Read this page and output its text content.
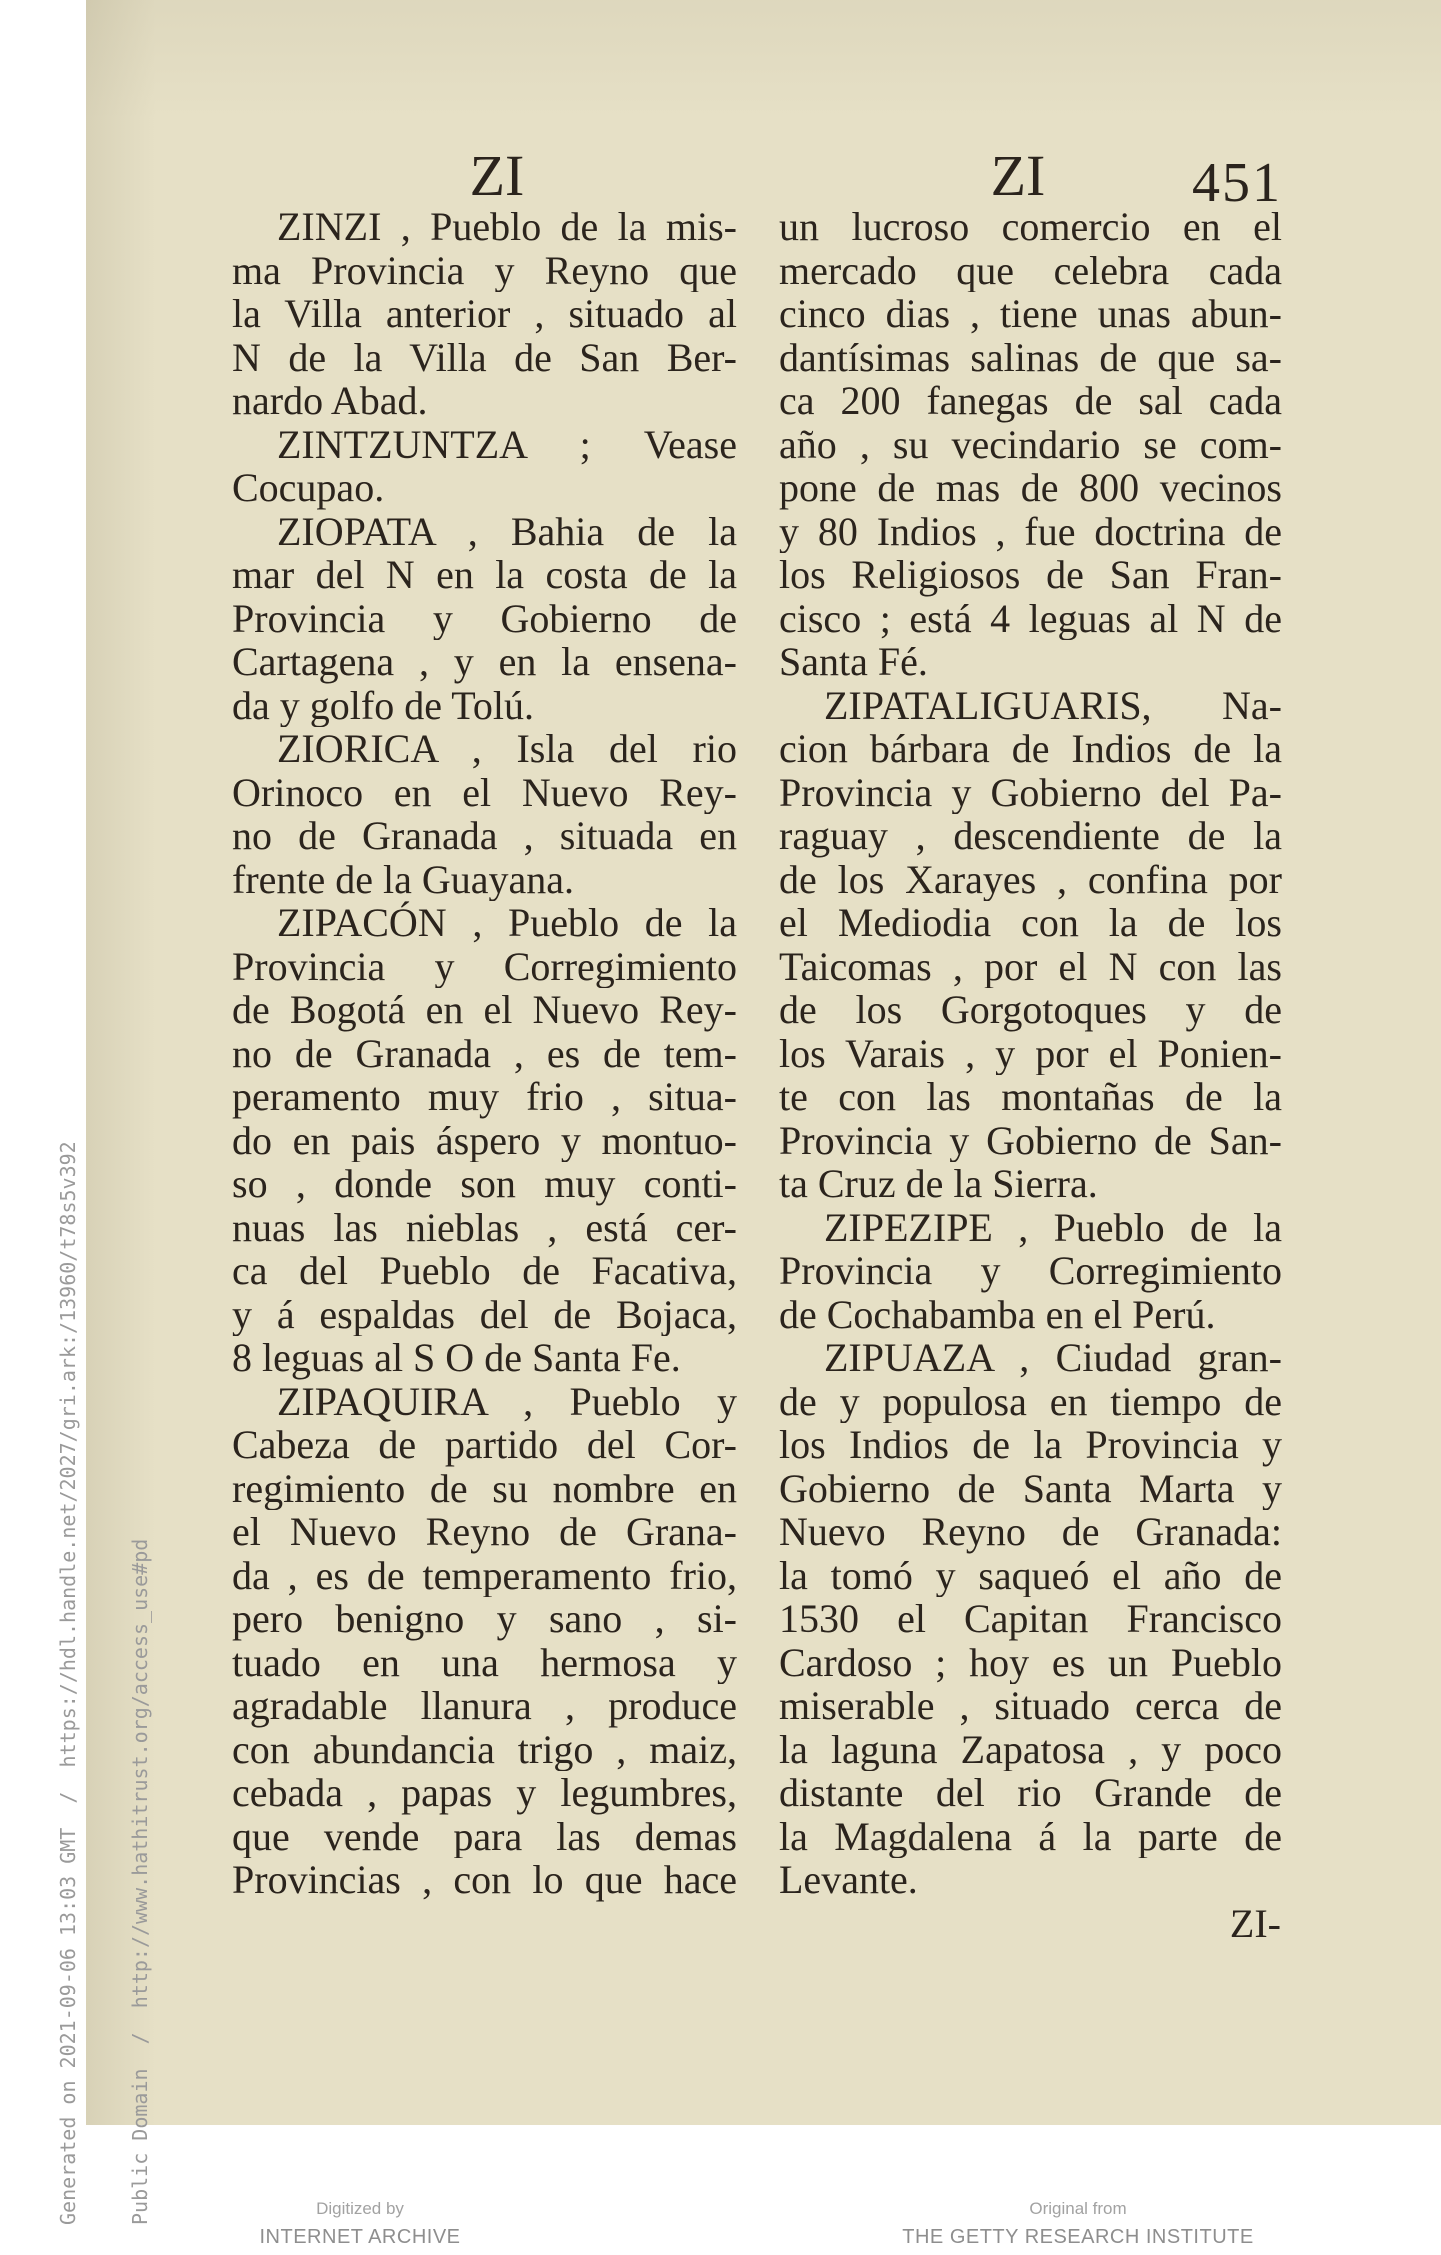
ZI	ZI	451
ZINZI , Pueblo de la mis-
ma Provincia y Reyno que
la Villa anterior , situado al
N de la Villa de San Ber-
nardo Abad.
ZINTZUNTZA ; Vease
Cocupao.
ZIOPATA , Bahia de la
mar del N en la costa de la
Provincia y Gobierno de
Cartagena , y en la ensena-
da y golfo de Tolú.
ZIORICA , Isla del rio
Orinoco en el Nuevo Rey-
no de Granada , situada en
frente de la Guayana.
ZIPACÓN , Pueblo de la
Provincia y Corregimiento
de Bogotá en el Nuevo Rey-
no de Granada , es de tem-
peramento muy frio , situa-
do en pais áspero y montuo-
so , donde son muy conti-
nuas las nieblas , está cer-
ca del Pueblo de Facativa,
y á espaldas del de Bojaca,
8 leguas al S O de Santa Fe.
ZIPAQUIRA , Pueblo y
Cabeza de partido del Cor-
regimiento de su nombre en
el Nuevo Reyno de Grana-
da , es de temperamento frio,
pero benigno y sano , si-
tuado en una hermosa y
agradable llanura , produce
con abundancia trigo , maiz,
cebada , papas y legumbres,
que vende para las demas
Provincias , con lo que hace
un lucroso comercio en el
mercado que celebra cada
cinco dias , tiene unas abun-
dantísimas salinas de que sa-
ca 200 fanegas de sal cada
año , su vecindario se com-
pone de mas de 800 vecinos
y 80 Indios , fue doctrina de
los Religiosos de San Fran-
cisco ; está 4 leguas al N de
Santa Fé.
ZIPATALIGUARIS, Na-
cion bárbara de Indios de la
Provincia y Gobierno del Pa-
raguay , descendiente de la
de los Xarayes , confina por
el Mediodia con la de los
Taicomas , por el N con las
de los Gorgotoques y de
los Varais , y por el Ponien-
te con las montañas de la
Provincia y Gobierno de San-
ta Cruz de la Sierra.
ZIPEZIPE , Pueblo de la
Provincia y Corregimiento
de Cochabamba en el Perú.
ZIPUAZA , Ciudad gran-
de y populosa en tiempo de
los Indios de la Provincia y
Gobierno de Santa Marta y
Nuevo Reyno de Granada:
la tomó y saqueó el año de
1530 el Capitan Francisco
Cardoso ; hoy es un Pueblo
miserable , situado cerca de
la laguna Zapatosa , y poco
distante del rio Grande de
la Magdalena á la parte de
Levante.
ZI-

Generated on 2021-09-06 13:03 GMT  /  https://hdl.handle.net/2027/gri.ark:/13960/t78s5v392

Public Domain  /  http://www.hathitrust.org/access_use#pd	Digitized by
INTERNET ARCHIVE
Original from
THE GETTY RESEARCH INSTITUTE
